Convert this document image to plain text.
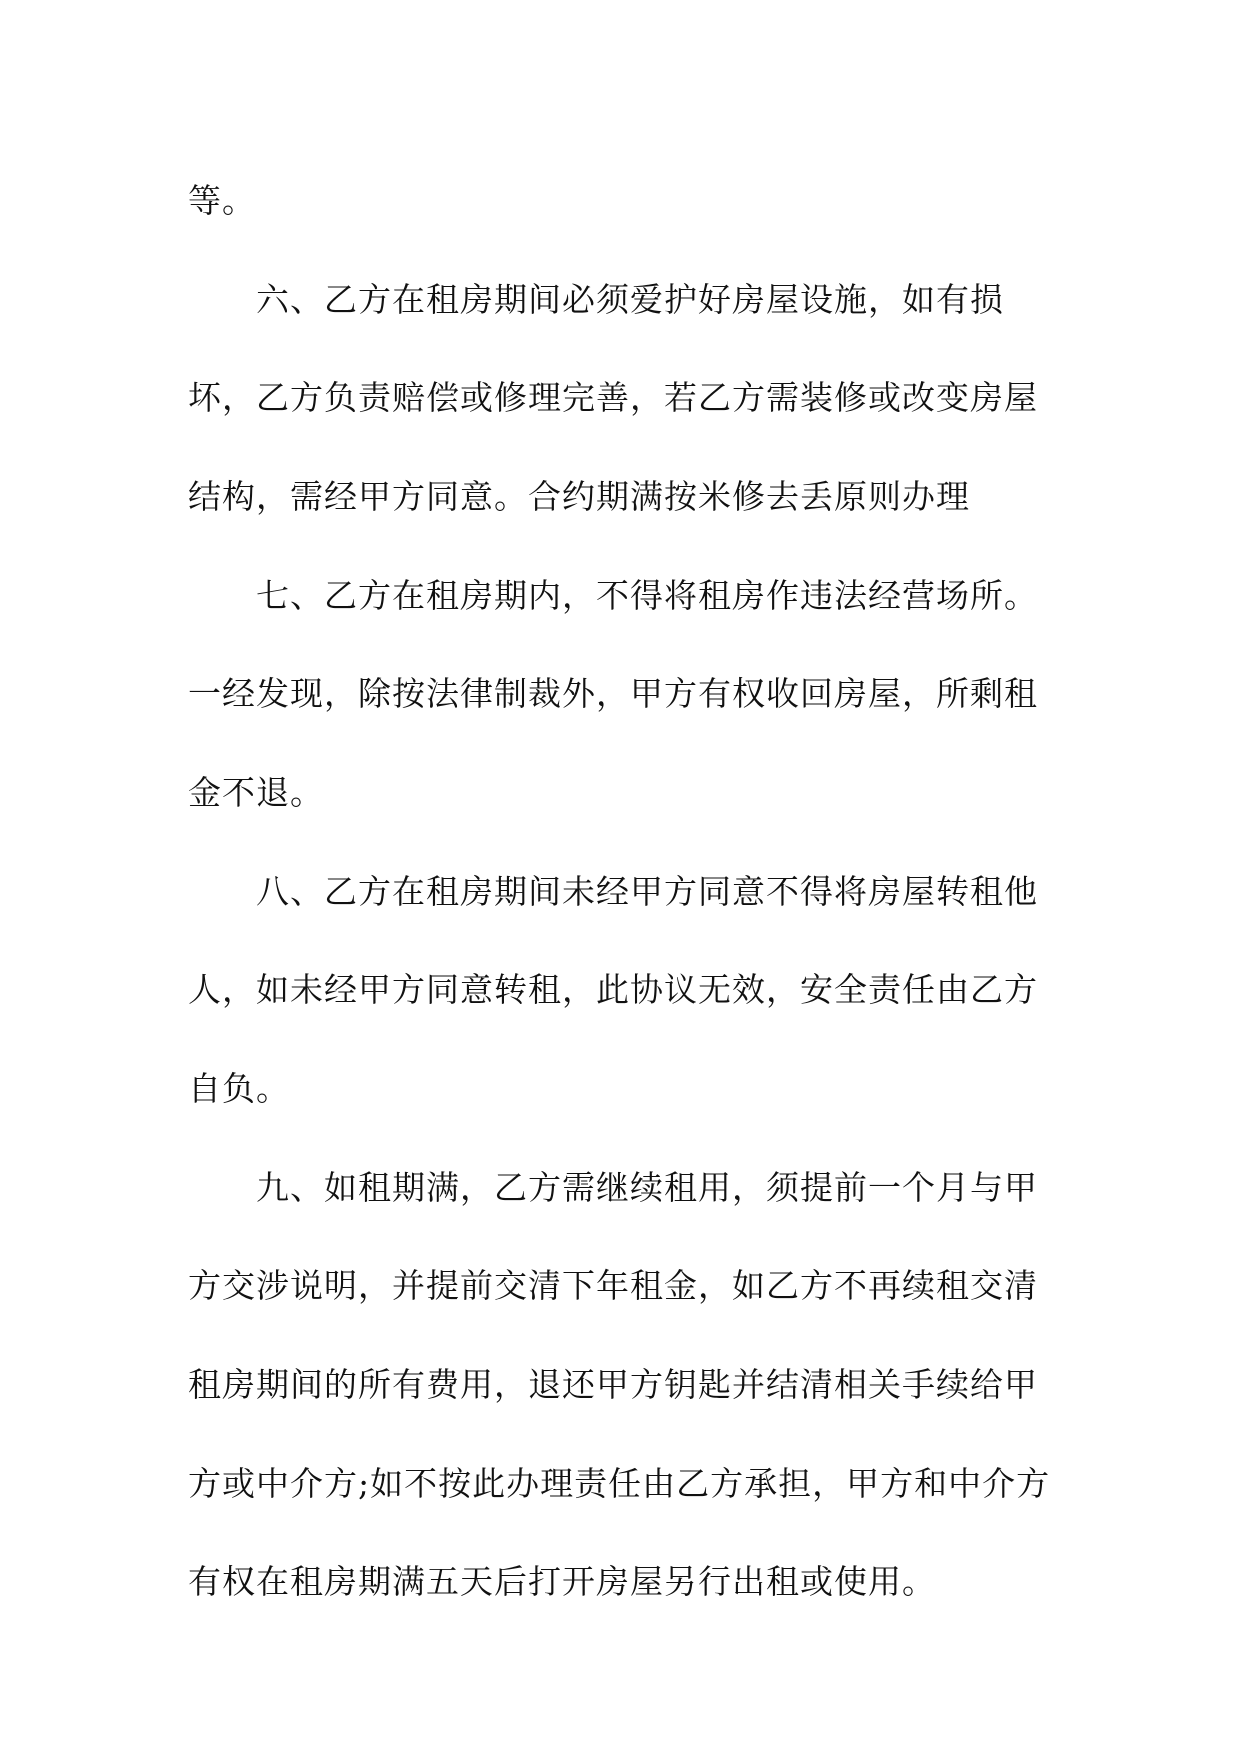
等。
六、乙方在租房期间必须爱护好房屋设施，如有损
坏，乙方负责赔偿或修理完善，若乙方需装修或改变房屋
结构，需经甲方同意。合约期满按米修去丢原则办理
七、乙方在租房期内，不得将租房作违法经营场所。
一经发现，除按法律制裁外，甲方有权收回房屋，所剩租
金不退。
八、乙方在租房期间未经甲方同意不得将房屋转租他
人，如未经甲方同意转租，此协议无效，安全责任由乙方
自负。
九、如租期满，乙方需继续租用，须提前一个月与甲
方交涉说明，并提前交清下年租金，如乙方不再续租交清
租房期间的所有费用，退还甲方钥匙并结清相关手续给甲
方或中介方;如不按此办理责任由乙方承担，甲方和中介方
有权在租房期满五天后打开房屋另行出租或使用。
